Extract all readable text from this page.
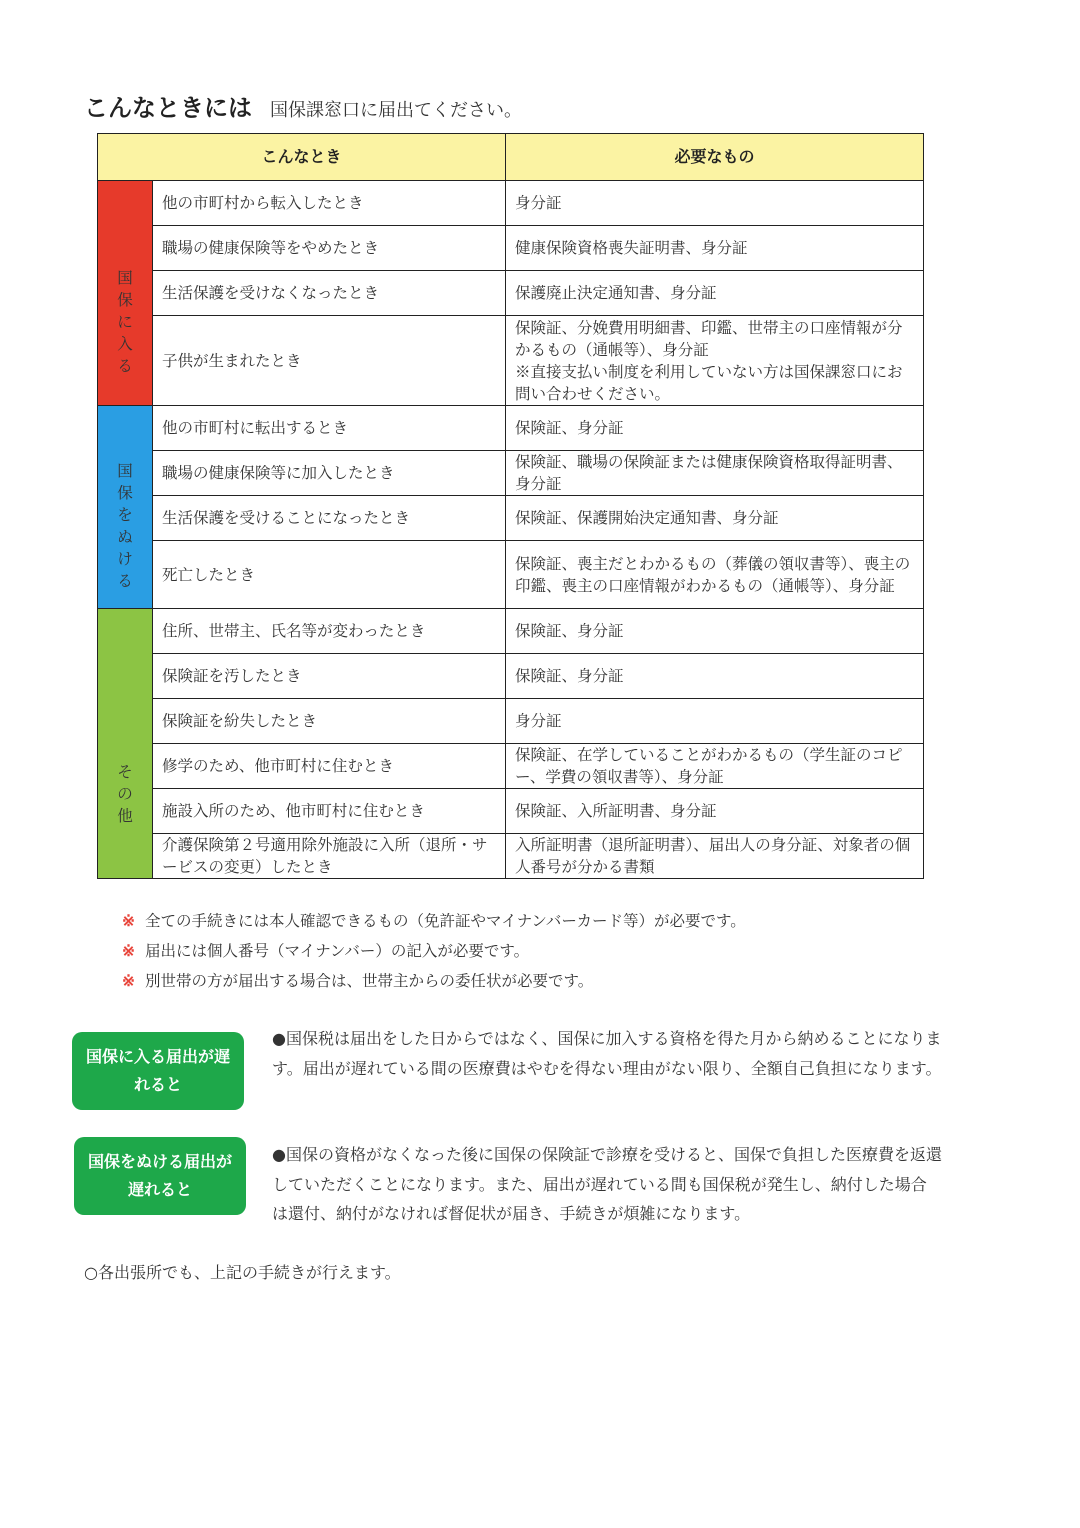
こんなときには 国保課窓口に届出てください。
こんなとき		必要なもの

国保に入る	他の市町村から転入したとき	身分証
	職場の健康保険等をやめたとき	健康保険資格喪失証明書、身分証
	生活保護を受けなくなったとき	保護廃止決定通知書、身分証
	子供が生まれたとき	保険証、分娩費用明細書、印鑑、世帯主の口座情報が分かるもの（通帳等）、身分証
※直接支払い制度を利用していない方は国保課窓口にお問い合わせください。

国保をぬける	他の市町村に転出するとき	保険証、身分証
	職場の健康保険等に加入したとき	保険証、職場の保険証または健康保険資格取得証明書、身分証
	生活保護を受けることになったとき	保険証、保護開始決定通知書、身分証
	死亡したとき	保険証、喪主だとわかるもの（葬儀の領収書等）、喪主の印鑑、喪主の口座情報がわかるもの（通帳等）、身分証

その他	住所、世帯主、氏名等が変わったとき	保険証、身分証
	保険証を汚したとき	保険証、身分証
	保険証を紛失したとき	身分証
	修学のため、他市町村に住むとき	保険証、在学していることがわかるもの（学生証のコピー、学費の領収書等）、身分証
	施設入所のため、他市町村に住むとき	保険証、入所証明書、身分証
	介護保険第２号適用除外施設に入所（退所・サービスの変更）したとき	入所証明書（退所証明書）、届出人の身分証、対象者の個人番号が分かる書類
※ 全ての手続きには本人確認できるもの（免許証やマイナンバーカード等）が必要です。
※ 届出には個人番号（マイナンバー）の記入が必要です。
※ 別世帯の方が届出する場合は、世帯主からの委任状が必要です。
国保に入る届出が遅れると
●国保税は届出をした日からではなく、国保に加入する資格を得た月から納めることになります。届出が遅れている間の医療費はやむを得ない理由がない限り、全額自己負担になります。
国保をぬける届出が遅れると
●国保の資格がなくなった後に国保の保険証で診療を受けると、国保で負担した医療費を返還していただくことになります。また、届出が遅れている間も国保税が発生し、納付した場合は還付、納付がなければ督促状が届き、手続きが煩雑になります。
○各出張所でも、上記の手続きが行えます。
